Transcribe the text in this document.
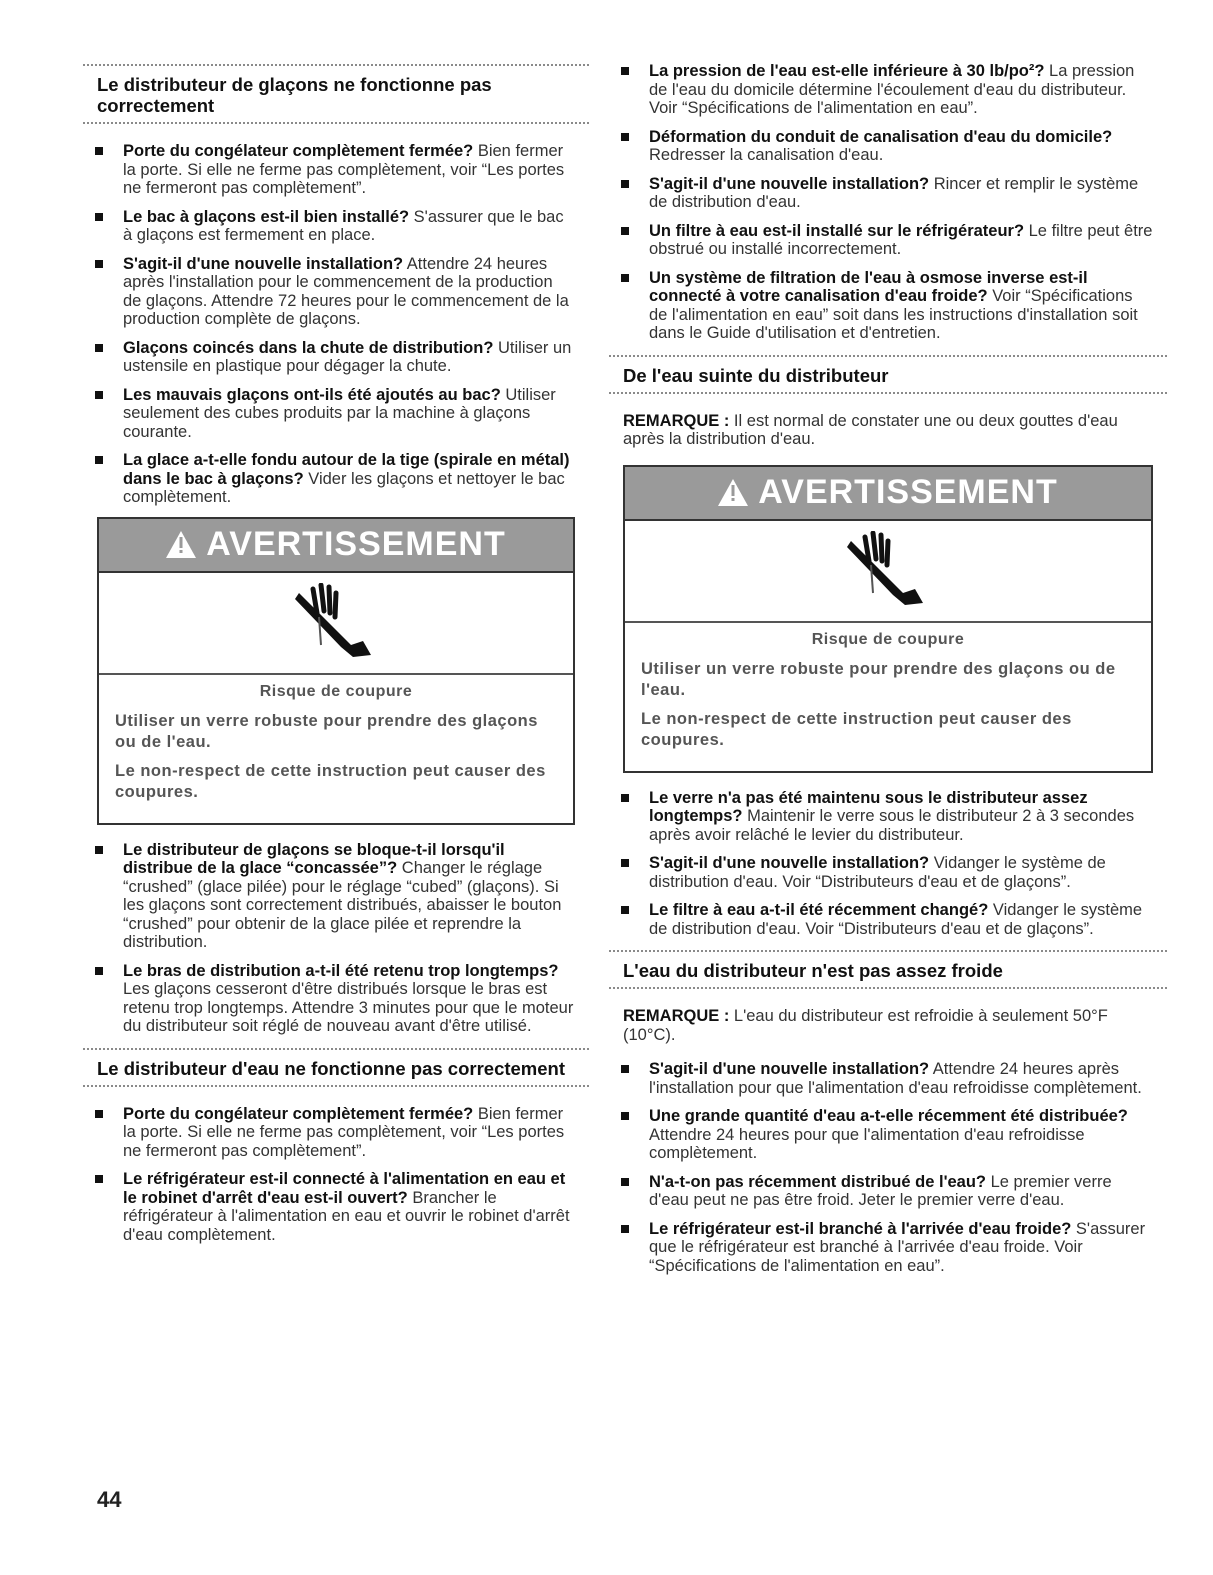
Le distributeur de glaçons ne fonctionne pas correctement
Porte du congélateur complètement fermée? Bien fermer la porte. Si elle ne ferme pas complètement, voir “Les portes ne fermeront pas complètement”.
Le bac à glaçons est-il bien installé? S'assurer que le bac à glaçons est fermement en place.
S'agit-il d'une nouvelle installation? Attendre 24 heures après l'installation pour le commencement de la production de glaçons. Attendre 72 heures pour le commencement de la production complète de glaçons.
Glaçons coincés dans la chute de distribution? Utiliser un ustensile en plastique pour dégager la chute.
Les mauvais glaçons ont-ils été ajoutés au bac? Utiliser seulement des cubes produits par la machine à glaçons courante.
La glace a-t-elle fondu autour de la tige (spirale en métal) dans le bac à glaçons? Vider les glaçons et nettoyer le bac complètement.
AVERTISSEMENT

Risque de coupure

Utiliser un verre robuste pour prendre des glaçons ou de l'eau.

Le non-respect de cette instruction peut causer des coupures.

Le distributeur de glaçons se bloque-t-il lorsqu'il distribue de la glace “concassée”? Changer le réglage “crushed” (glace pilée) pour le réglage “cubed” (glaçons). Si les glaçons sont correctement distribués, abaisser le bouton “crushed” pour obtenir de la glace pilée et reprendre la distribution.
Le bras de distribution a-t-il été retenu trop longtemps? Les glaçons cesseront d'être distribués lorsque le bras est retenu trop longtemps. Attendre 3 minutes pour que le moteur du distributeur soit réglé de nouveau avant d'être utilisé.
Le distributeur d'eau ne fonctionne pas correctement
Porte du congélateur complètement fermée? Bien fermer la porte. Si elle ne ferme pas complètement, voir “Les portes ne fermeront pas complètement”.
Le réfrigérateur est-il connecté à l'alimentation en eau et le robinet d'arrêt d'eau est-il ouvert? Brancher le réfrigérateur à l'alimentation en eau et ouvrir le robinet d'arrêt d'eau complètement.
La pression de l'eau est-elle inférieure à 30 lb/po²? La pression de l'eau du domicile détermine l'écoulement d'eau du distributeur. Voir “Spécifications de l'alimentation en eau”.
Déformation du conduit de canalisation d'eau du domicile? Redresser la canalisation d'eau.
S'agit-il d'une nouvelle installation? Rincer et remplir le système de distribution d'eau.
Un filtre à eau est-il installé sur le réfrigérateur? Le filtre peut être obstrué ou installé incorrectement.
Un système de filtration de l'eau à osmose inverse est-il connecté à votre canalisation d'eau froide? Voir “Spécifications de l'alimentation en eau” soit dans les instructions d'installation soit dans le Guide d'utilisation et d'entretien.
De l'eau suinte du distributeur

REMARQUE : Il est normal de constater une ou deux gouttes d'eau après la distribution d'eau.

AVERTISSEMENT

Risque de coupure

Utiliser un verre robuste pour prendre des glaçons ou de l'eau.

Le non-respect de cette instruction peut causer des coupures.

Le verre n'a pas été maintenu sous le distributeur assez longtemps? Maintenir le verre sous le distributeur 2 à 3 secondes après avoir relâché le levier du distributeur.
S'agit-il d'une nouvelle installation? Vidanger le système de distribution d'eau. Voir “Distributeurs d'eau et de glaçons”.
Le filtre à eau a-t-il été récemment changé? Vidanger le système de distribution d'eau. Voir “Distributeurs d'eau et de glaçons”.
L'eau du distributeur n'est pas assez froide

REMARQUE : L'eau du distributeur est refroidie à seulement 50°F (10°C).

S'agit-il d'une nouvelle installation? Attendre 24 heures après l'installation pour que l'alimentation d'eau refroidisse complètement.
Une grande quantité d'eau a-t-elle récemment été distribuée? Attendre 24 heures pour que l'alimentation d'eau refroidisse complètement.
N'a-t-on pas récemment distribué de l'eau? Le premier verre d'eau peut ne pas être froid. Jeter le premier verre d'eau.
Le réfrigérateur est-il branché à l'arrivée d'eau froide? S'assurer que le réfrigérateur est branché à l'arrivée d'eau froide. Voir “Spécifications de l'alimentation en eau”.
44
